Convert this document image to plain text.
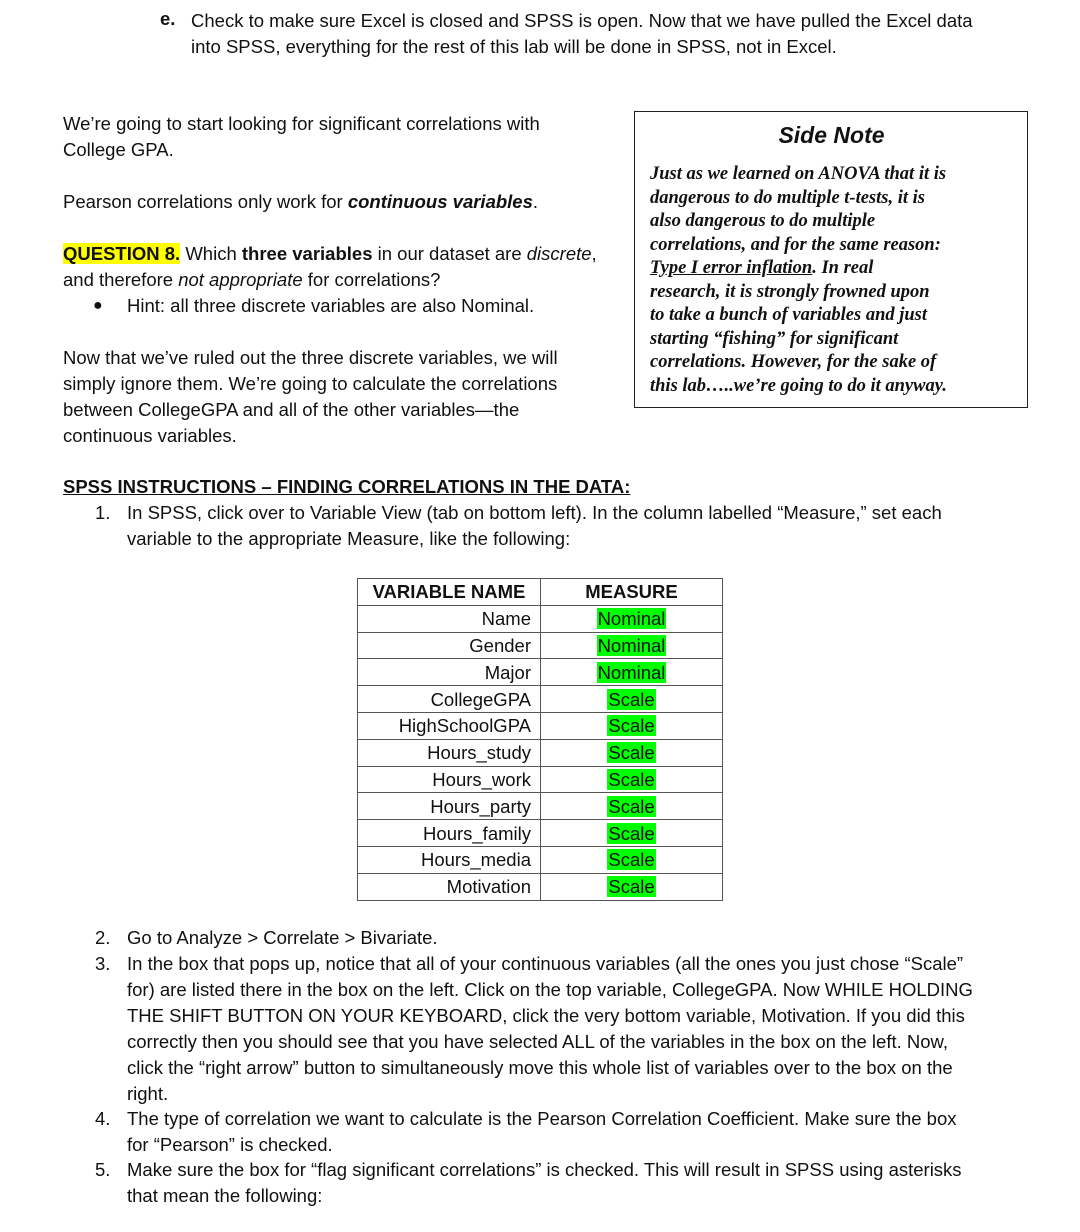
e. Check to make sure Excel is closed and SPSS is open. Now that we have pulled the Excel data

into SPSS, everything for the rest of this lab will be done in SPSS, not in Excel.

We’re going to start looking for significant correlations with

College GPA.

Pearson correlations only work for continuous variables.

QUESTION 8. Which three variables in our dataset are discrete,

and therefore not appropriate for correlations?

● Hint: all three discrete variables are also Nominal.

Now that we’ve ruled out the three discrete variables, we will

simply ignore them. We’re going to calculate the correlations

between CollegeGPA and all of the other variables—the

continuous variables.

Side Note
Just as we learned on ANOVA that it is
dangerous to do multiple t-tests, it is
also dangerous to do multiple
correlations, and for the same reason:
Type I error inflation. In real
research, it is strongly frowned upon
to take a bunch of variables and just
starting “fishing” for significant
correlations. However, for the sake of
this lab…..we’re going to do it anyway.
SPSS INSTRUCTIONS – FINDING CORRELATIONS IN THE DATA:
1. In SPSS, click over to Variable View (tab on bottom left). In the column labelled “Measure,” set each

variable to the appropriate Measure, like the following:

VARIABLE NAME	MEASURE
Name	Nominal
Gender	Nominal
Major	Nominal
CollegeGPA	Scale
HighSchoolGPA	Scale
Hours_study	Scale
Hours_work	Scale
Hours_party	Scale
Hours_family	Scale
Hours_media	Scale
Motivation	Scale
2. Go to Analyze > Correlate > Bivariate.

3. In the box that pops up, notice that all of your continuous variables (all the ones you just chose “Scale”

for) are listed there in the box on the left. Click on the top variable, CollegeGPA. Now WHILE HOLDING

THE SHIFT BUTTON ON YOUR KEYBOARD, click the very bottom variable, Motivation. If you did this

correctly then you should see that you have selected ALL of the variables in the box on the left. Now,

click the “right arrow” button to simultaneously move this whole list of variables over to the box on the

right.

4. The type of correlation we want to calculate is the Pearson Correlation Coefficient. Make sure the box

for “Pearson” is checked.

5. Make sure the box for “flag significant correlations” is checked. This will result in SPSS using asterisks

that mean the following:
